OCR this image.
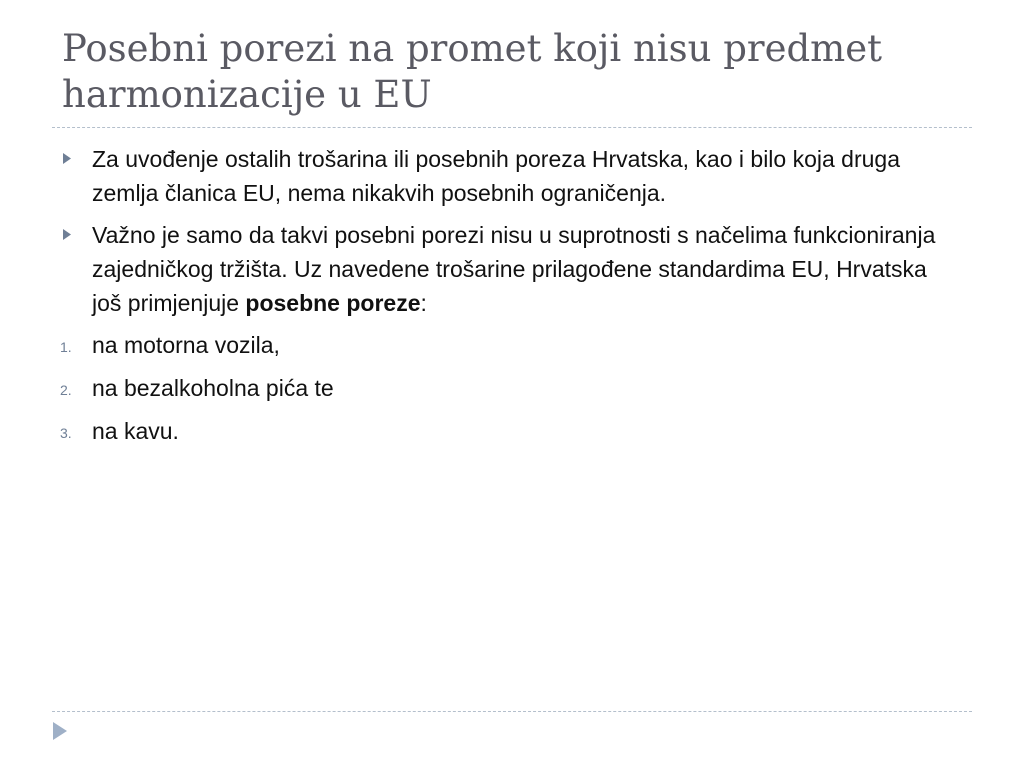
Posebni porezi na promet koji nisu predmet harmonizacije u EU
Za uvođenje ostalih trošarina ili posebnih poreza Hrvatska, kao i bilo koja druga zemlja članica EU, nema nikakvih posebnih ograničenja.
Važno je samo da takvi posebni porezi nisu u suprotnosti s načelima funkcioniranja zajedničkog tržišta. Uz navedene trošarine prilagođene standardima EU, Hrvatska još primjenjuje posebne poreze:
1. na motorna vozila,
2. na bezalkoholna pića te
3. na kavu.
